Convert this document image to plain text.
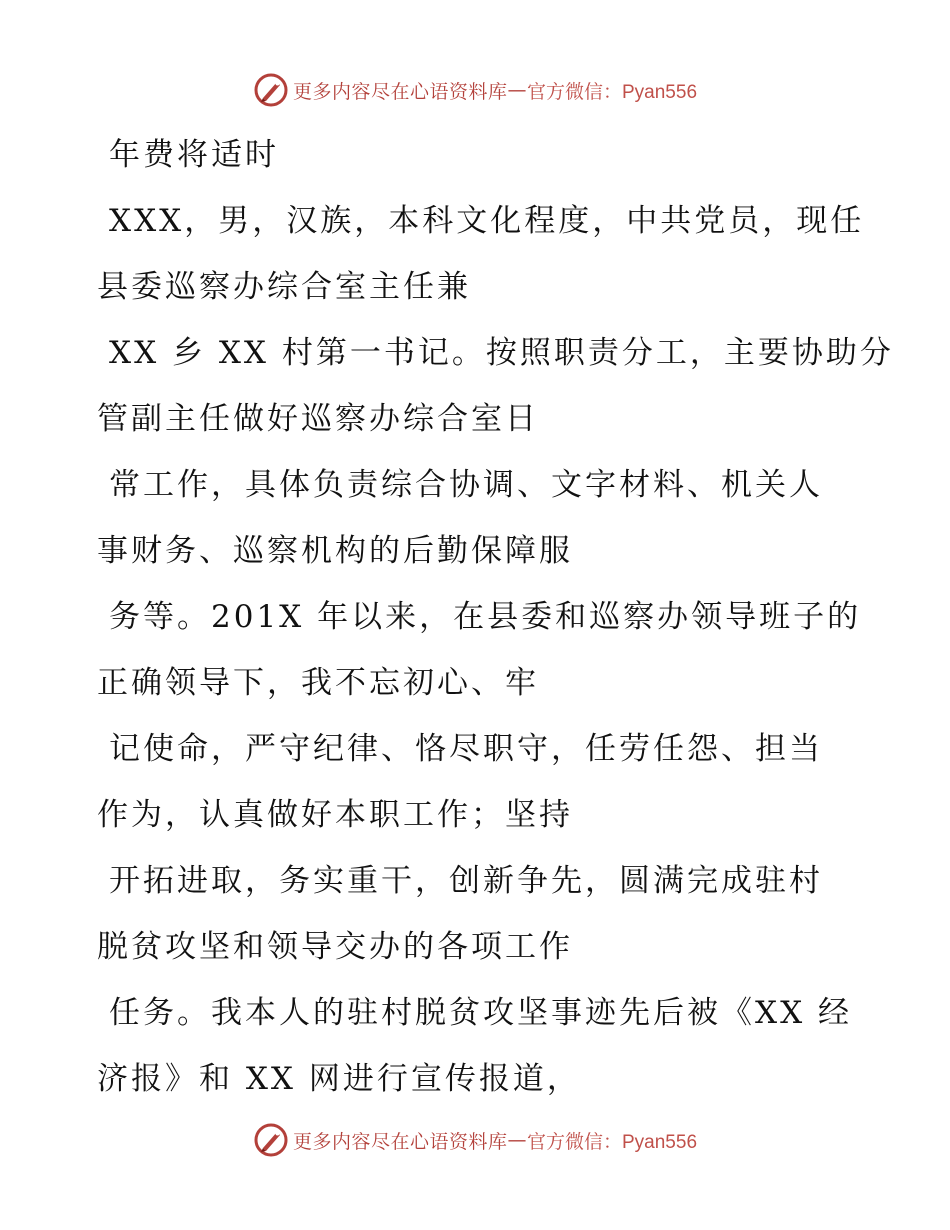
更多内容尽在心语资料库 — 官方微信：Pyan556

年费将适时

XXX，男，汉族，本科文化程度，中共党员，现任
县委巡察办综合室主任兼

XX 乡 XX 村第一书记。按照职责分工，主要协助分
管副主任做好巡察办综合室日

常工作，具体负责综合协调、文字材料、机关人
事财务、巡察机构的后勤保障服

务等。201X 年以来，在县委和巡察办领导班子的
正确领导下，我不忘初心、牢

记使命，严守纪律、恪尽职守，任劳任怨、担当
作为，认真做好本职工作；坚持

开拓进取，务实重干，创新争先，圆满完成驻村
脱贫攻坚和领导交办的各项工作

任务。我本人的驻村脱贫攻坚事迹先后被《XX 经
济报》和 XX 网进行宣传报道，

更多内容尽在心语资料库 — 官方微信：Pyan556
